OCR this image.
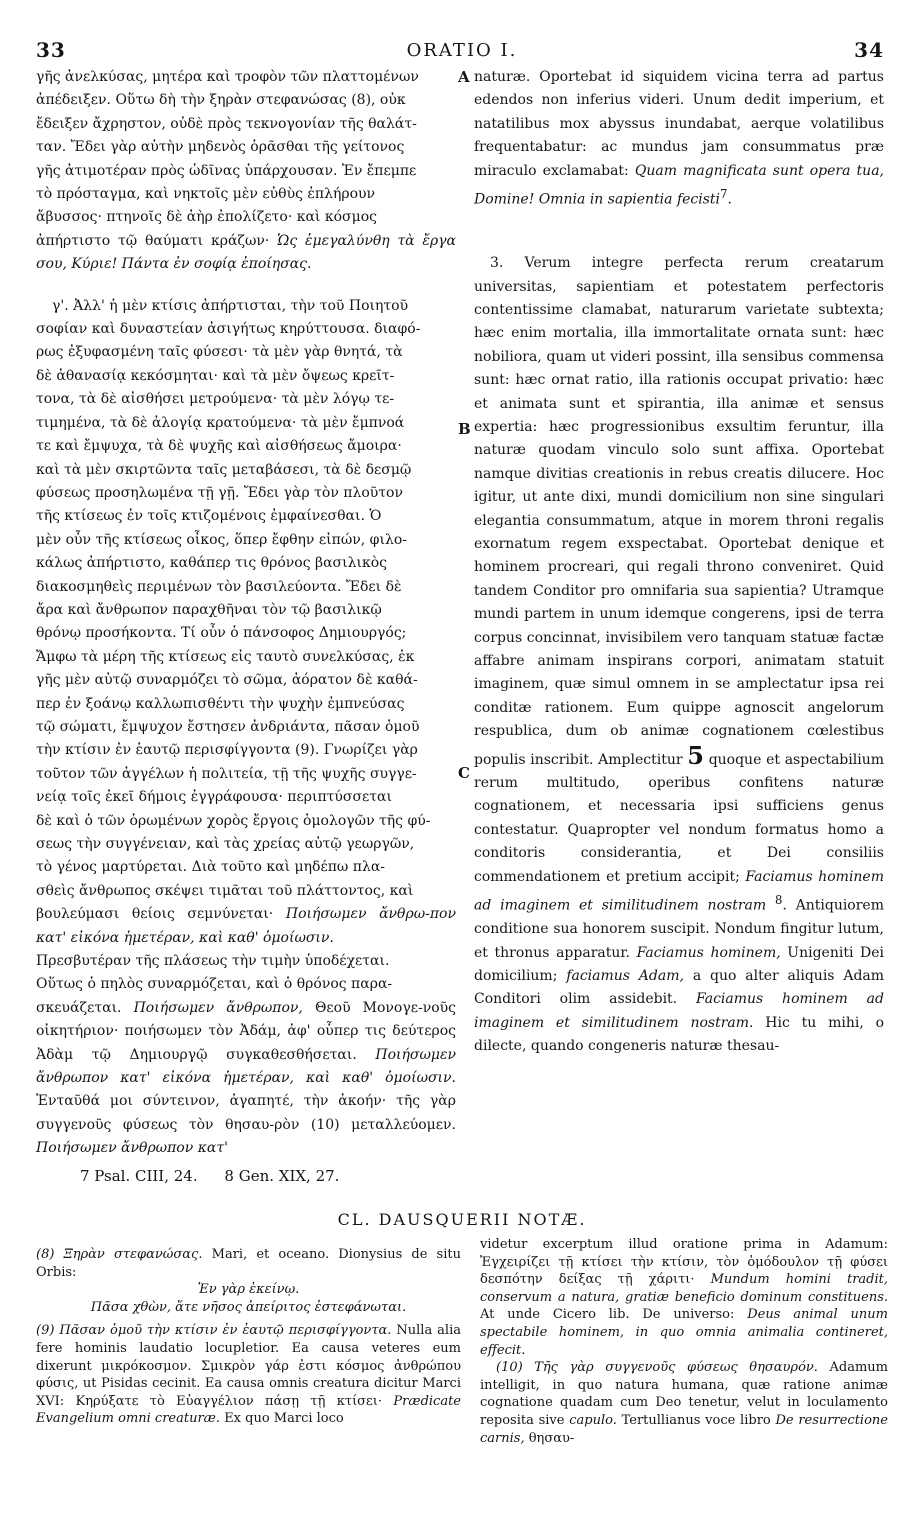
33	ORATIO I.	34
A
B
C

γῆς ἀνελκύσας, μητέρα καὶ τροφὸν τῶν πλαττομένων

ἀπέδειξεν. Οὕτω δὴ τὴν ξηρὰν στεφανώσας (8), οὐκ

ἔδειξεν ἄχρηστον, οὐδὲ πρὸς τεκνογονίαν τῆς θαλάτ-

ταν. Ἔδει γὰρ αὐτὴν μηδενὸς ὁρᾶσθαι τῆς γείτονος

γῆς ἀτιμοτέραν πρὸς ὠδῖνας ὑπάρχουσαν. Ἐν ἔπεμπε

τὸ πρόσταγμα, καὶ νηκτοῖς μὲν εὐθὺς ἐπλήρουν

ἄβυσσος· πτηνοῖς δὲ ἀὴρ ἐπολίζετο· καὶ κόσμος

ἀπήρτιστο τῷ θαύματι κράζων· Ὡς ἐμεγαλύνθη τὰ ἔργα σου, Κύριε! Πάντα ἐν σοφίᾳ ἐποίησας.

γ'. Ἀλλ' ἡ μὲν κτίσις ἀπήρτισται, τὴν τοῦ Ποιητοῦ

σοφίαν καὶ δυναστείαν ἀσιγήτως κηρύττουσα. διαφό-

ρως ἐξυφασμένη ταῖς φύσεσι· τὰ μὲν γὰρ θνητά, τὰ

δὲ ἀθανασίᾳ κεκόσμηται· καὶ τὰ μὲν ὄψεως κρεῖτ-

τονα, τὰ δὲ αἰσθήσει μετρούμενα· τὰ μὲν λόγῳ τε-

τιμημένα, τὰ δὲ ἀλογίᾳ κρατούμενα· τὰ μὲν ἔμπνοά

τε καὶ ἔμψυχα, τὰ δὲ ψυχῆς καὶ αἰσθήσεως ἄμοιρα·

καὶ τὰ μὲν σκιρτῶντα ταῖς μεταβάσεσι, τὰ δὲ δεσμῷ

φύσεως προσηλωμένα τῇ γῇ. Ἔδει γὰρ τὸν πλοῦτον

τῆς κτίσεως ἐν τοῖς κτιζομένοις ἐμφαίνεσθαι. Ὁ

μὲν οὖν τῆς κτίσεως οἶκος, ὅπερ ἔφθην εἰπών, φιλο-

κάλως ἀπήρτιστο, καθάπερ τις θρόνος βασιλικὸς

διακοσμηθεὶς περιμένων τὸν βασιλεύοντα. Ἔδει δὲ

ἄρα καὶ ἄνθρωπον παραχθῆναι τὸν τῷ βασιλικῷ

θρόνῳ προσήκοντα. Τί οὖν ὁ πάνσοφος Δημιουργός;

Ἄμφω τὰ μέρη τῆς κτίσεως εἰς ταυτὸ συνελκύσας, ἐκ

γῆς μὲν αὐτῷ συναρμόζει τὸ σῶμα, ἀόρατον δὲ καθά-

περ ἐν ξοάνῳ καλλωπισθέντι τὴν ψυχὴν ἐμπνεύσας

τῷ σώματι, ἔμψυχον ἔστησεν ἀνδριάντα, πᾶσαν ὁμοῦ

τὴν κτίσιν ἐν ἑαυτῷ περισφίγγοντα (9). Γνωρίζει γὰρ

τοῦτον τῶν ἀγγέλων ἡ πολιτεία, τῇ τῆς ψυχῆς συγγε-

νείᾳ τοῖς ἐκεῖ δήμοις ἐγγράφουσα· περιπτύσσεται

δὲ καὶ ὁ τῶν ὁρωμένων χορὸς ἔργοις ὁμολογῶν τῆς φύ-

σεως τὴν συγγένειαν, καὶ τὰς χρείας αὐτῷ γεωργῶν,

τὸ γένος μαρτύρεται. Διὰ τοῦτο καὶ μηδέπω πλα-

σθεὶς ἄνθρωπος σκέψει τιμᾶται τοῦ πλάττοντος, καὶ

βουλεύμασι θείοις σεμνύνεται· Ποιήσωμεν ἄνθρω-πον κατ' εἰκόνα ἡμετέραν, καὶ καθ' ὁμοίωσιν.

Πρεσβυτέραν τῆς πλάσεως τὴν τιμὴν ὑποδέχεται.

Οὕτως ὁ πηλὸς συναρμόζεται, καὶ ὁ θρόνος παρα-

σκευάζεται. Ποιήσωμεν ἄνθρωπον, Θεοῦ Μονογε-νοῦς οἰκητήριον· ποιήσωμεν τὸν Ἀδάμ, ἀφ' οὗπερ τις δεύτερος Ἀδὰμ τῷ Δημιουργῷ συγκαθεσθήσεται. Ποιήσωμεν ἄνθρωπον κατ' εἰκόνα ἡμετέραν, καὶ καθ' ὁμοίωσιν. Ἐνταῦθά μοι σύντεινον, ἀγαπητέ, τὴν ἀκοήν· τῆς γὰρ συγγενοῦς φύσεως τὸν θησαυ-ρὸν (10) μεταλλεύομεν. Ποιήσωμεν ἄνθρωπον κατ'

naturæ. Oportebat id siquidem vicina terra ad partus edendos non inferius videri. Unum dedit imperium, et natatilibus mox abyssus inundabat, aerque volatilibus frequentabatur: ac mundus jam consummatus præ miraculo exclamabat: Quam magnificata sunt opera tua, Domine! Omnia in sapientia fecisti$^7$.

3. Verum integre perfecta rerum creatarum universitas, sapientiam et potestatem perfectoris contentissime clamabat, naturarum varietate subtexta; hæc enim mortalia, illa immortalitate ornata sunt: hæc nobiliora, quam ut videri possint, illa sensibus commensa sunt: hæc ornat ratio, illa rationis occupat privatio: hæc et animata sunt et spirantia, illa animæ et sensus expertia: hæc progressionibus exsultim feruntur, illa naturæ quodam vinculo solo sunt affixa. Oportebat namque divitias creationis in rebus creatis dilucere. Hoc igitur, ut ante dixi, mundi domicilium non sine singulari elegantia consummatum, atque in morem throni regalis exornatum regem exspectabat. Oportebat denique et hominem procreari, qui regali throno conveniret. Quid tandem Conditor pro omnifaria sua sapientia? Utramque mundi partem in unum idemque congerens, ipsi de terra corpus concinnat, invisibilem vero tanquam statuæ factæ affabre animam inspirans corpori, animatam statuit imaginem, quæ simul omnem in se amplectatur ipsa rei conditæ rationem. Eum quippe agnoscit angelorum respublica, dum ob animæ cognationem cœlestibus populis inscribit. Amplectitur 5 quoque et aspectabilium rerum multitudo, operibus confitens naturæ cognationem, et necessaria ipsi sufficiens genus contestatur. Quapropter vel nondum formatus homo a conditoris considerantia, et Dei consiliis commendationem et pretium accipit; Faciamus hominem ad imaginem et similitudinem nostram $^8$. Antiquiorem conditione sua honorem suscipit. Nondum fingitur lutum, et thronus apparatur. Faciamus hominem, Unigeniti Dei domicilium; faciamus Adam, a quo alter aliquis Adam Conditori olim assidebit. Faciamus hominem ad imaginem et similitudinem nostram. Hic tu mihi, o dilecte, quando congeneris naturæ thesau-

7 Psal. CIII, 24. 8 Gen. XIX, 27.
CL. DAUSQUERII NOTÆ.

(8) Ξηρὰν στεφανώσας. Mari, et oceano. Dionysius de situ Orbis:

Ἐν γὰρ ἐκείνῳ.

Πᾶσα χθὼν, ἅτε νῆσος ἀπείριτος ἐστεφάνωται.

(9) Πᾶσαν ὁμοῦ τὴν κτίσιν ἐν ἑαυτῷ περισφίγγοντα. Nulla alia fere hominis laudatio locupletior. Ea causa veteres eum dixerunt μικρόκοσμον. Σμικρὸν γάρ ἐστι κόσμος ἀνθρώπου φύσις, ut Pisidas cecinit. Ea causa omnis creatura dicitur Marci XVI: Κηρύξατε τὸ Εὐαγγέλιον πάσῃ τῇ κτίσει· Prædicate Evangelium omni creaturæ. Ex quo Marci loco

videtur excerptum illud oratione prima in Adamum: Ἐγχειρίζει τῇ κτίσει τὴν κτίσιν, τὸν ὁμόδουλον τῇ φύσει δεσπότην δείξας τῇ χάριτι· Mundum homini tradit, conservum a natura, gratiæ beneficio dominum constituens. At unde Cicero lib. De universo: Deus animal unum spectabile hominem, in quo omnia animalia contineret, effecit.

(10) Τῆς γὰρ συγγενοῦς φύσεως θησαυρόν. Adamum intelligit, in quo natura humana, quæ ratione animæ cognatione quadam cum Deo tenetur, velut in loculamento reposita sive capulo. Tertullianus voce libro De resurrectione carnis, θησαυ-
